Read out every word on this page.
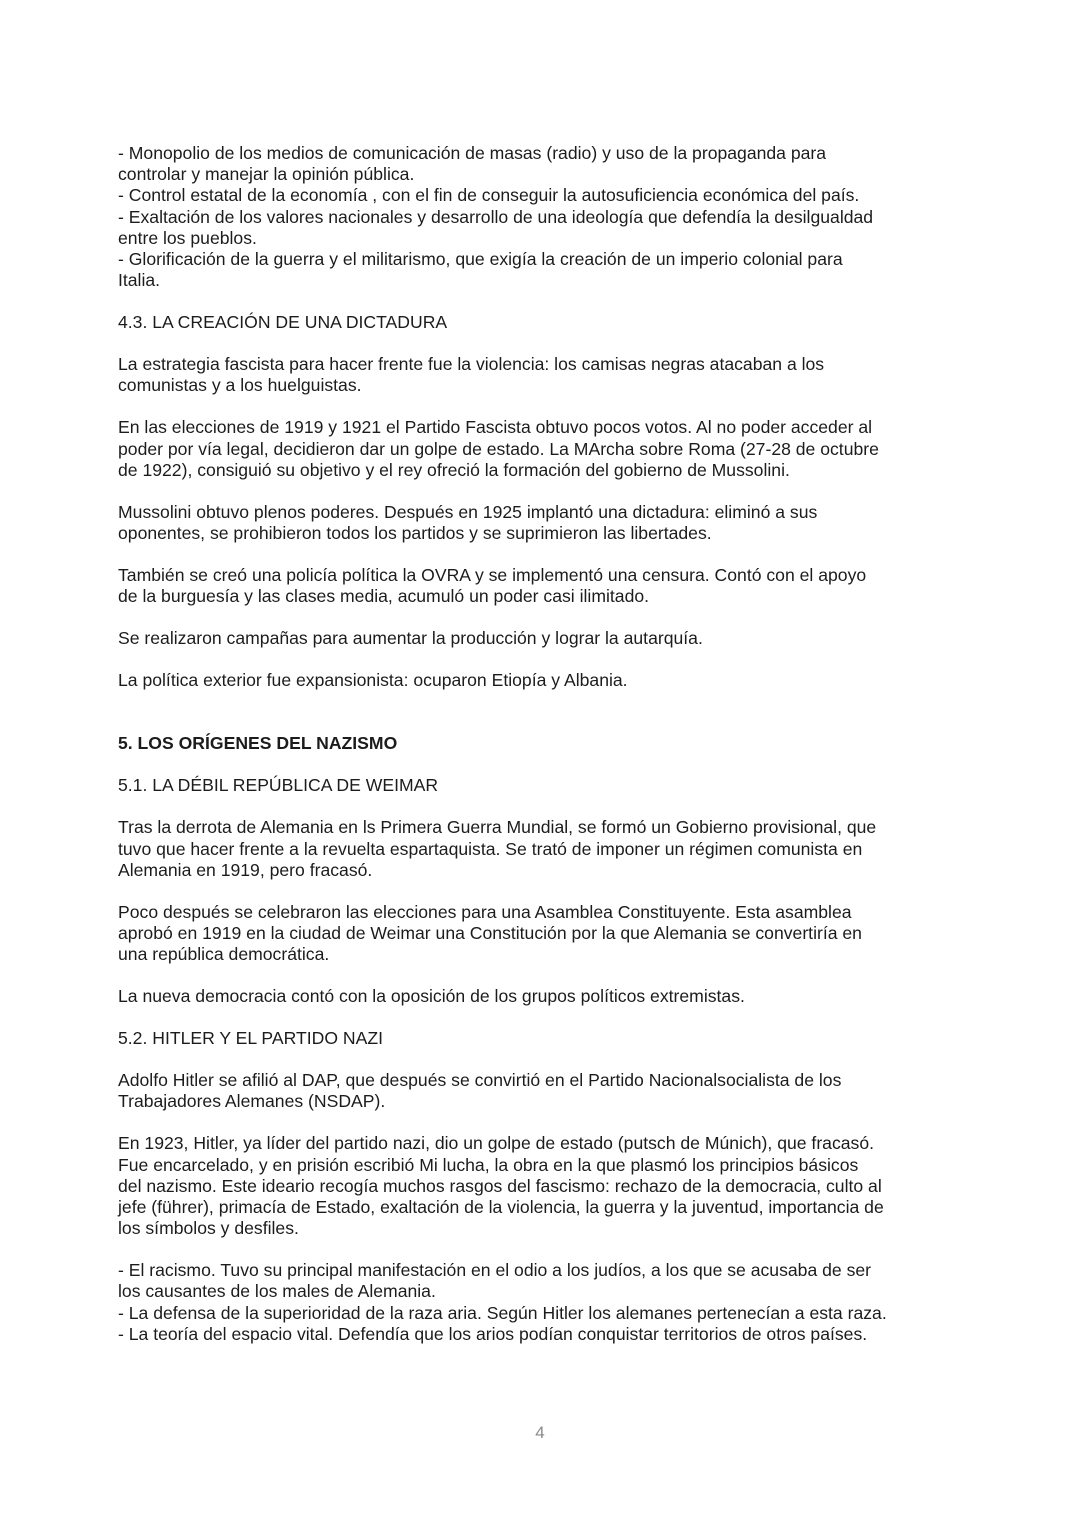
- Monopolio de los medios de comunicación de masas (radio) y uso de la propaganda para

controlar y manejar la opinión pública.

- Control estatal de la economía , con el fin de conseguir la autosuficiencia económica del país.

- Exaltación de los valores nacionales y desarrollo de una ideología que defendía la desilgualdad

entre los pueblos.

- Glorificación de la guerra y el militarismo, que exigía la creación de un imperio colonial para

Italia.

4.3. LA CREACIÓN DE UNA DICTADURA

La estrategia fascista para hacer frente fue la violencia: los camisas negras atacaban a los

comunistas y a los huelguistas.

En las elecciones de 1919 y 1921 el Partido Fascista obtuvo pocos votos. Al no poder acceder al

poder por vía legal, decidieron dar un golpe de estado. La MArcha sobre Roma (27-28 de octubre

de 1922), consiguió su objetivo y el rey ofreció la formación del gobierno de Mussolini.

Mussolini obtuvo plenos poderes. Después en 1925 implantó una dictadura: eliminó a sus

oponentes, se prohibieron todos los partidos y se suprimieron las libertades.

También se creó una policía política la OVRA y se implementó una censura. Contó con el apoyo

de la burguesía y las clases media, acumuló un poder casi ilimitado.

Se realizaron campañas para aumentar la producción y lograr la autarquía.

La política exterior fue expansionista: ocuparon Etiopía y Albania.

5. LOS ORÍGENES DEL NAZISMO

5.1. LA DÉBIL REPÚBLICA DE WEIMAR

Tras la derrota de Alemania en ls Primera Guerra Mundial, se formó un Gobierno provisional, que

tuvo que hacer frente a la revuelta espartaquista. Se trató de imponer un régimen comunista en

Alemania en 1919, pero fracasó.

Poco después se celebraron las elecciones para una Asamblea Constituyente. Esta asamblea

aprobó en 1919 en la ciudad de Weimar una Constitución por la que Alemania se convertiría en

una república democrática.

La nueva democracia contó con la oposición de los grupos políticos extremistas.

5.2. HITLER Y EL PARTIDO NAZI

Adolfo Hitler se afilió al DAP, que después se convirtió en el Partido Nacionalsocialista de los

Trabajadores Alemanes (NSDAP).

En 1923, Hitler, ya líder del partido nazi, dio un golpe de estado (putsch de Múnich), que fracasó.

Fue encarcelado, y en prisión escribió Mi lucha, la obra en la que plasmó los principios básicos

del nazismo. Este ideario recogía muchos rasgos del fascismo: rechazo de la democracia, culto al

jefe (führer), primacía de Estado, exaltación de la violencia, la guerra y la juventud, importancia de

los símbolos y desfiles.

- El racismo. Tuvo su principal manifestación en el odio a los judíos, a los que se acusaba de ser

los causantes de los males de Alemania.

- La defensa de la superioridad de la raza aria. Según Hitler los alemanes pertenecían a esta raza.

- La teoría del espacio vital. Defendía que los arios podían conquistar territorios de otros países.

4
